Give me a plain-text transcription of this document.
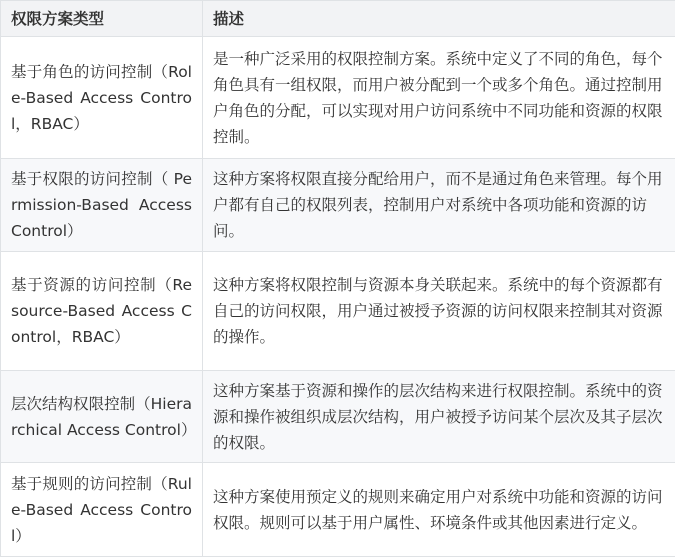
权限方案类型	描述
基于角色的访问控制（Role-Based Access Control，RBAC）	是一种广泛采用的权限控制方案。系统中定义了不同的角色，每个角色具有一组权限，而用户被分配到一个或多个角色。通过控制用户角色的分配，可以实现对用户访问系统中不同功能和资源的权限控制。
基于权限的访问控制（ Permission-Based Access Control）	这种方案将权限直接分配给用户，而不是通过角色来管理。每个用户都有自己的权限列表，控制用户对系统中各项功能和资源的访问。
基于资源的访问控制（Resource-Based Access Control，RBAC）	这种方案将权限控制与资源本身关联起来。系统中的每个资源都有自己的访问权限，用户通过被授予资源的访问权限来控制其对资源的操作。
层次结构权限控制（Hierarchical Access Control）	这种方案基于资源和操作的层次结构来进行权限控制。系统中的资源和操作被组织成层次结构，用户被授予访问某个层次及其子层次的权限。
基于规则的访问控制（Rule-Based Access Control）	这种方案使用预定义的规则来确定用户对系统中功能和资源的访问权限。规则可以基于用户属性、环境条件或其他因素进行定义。
